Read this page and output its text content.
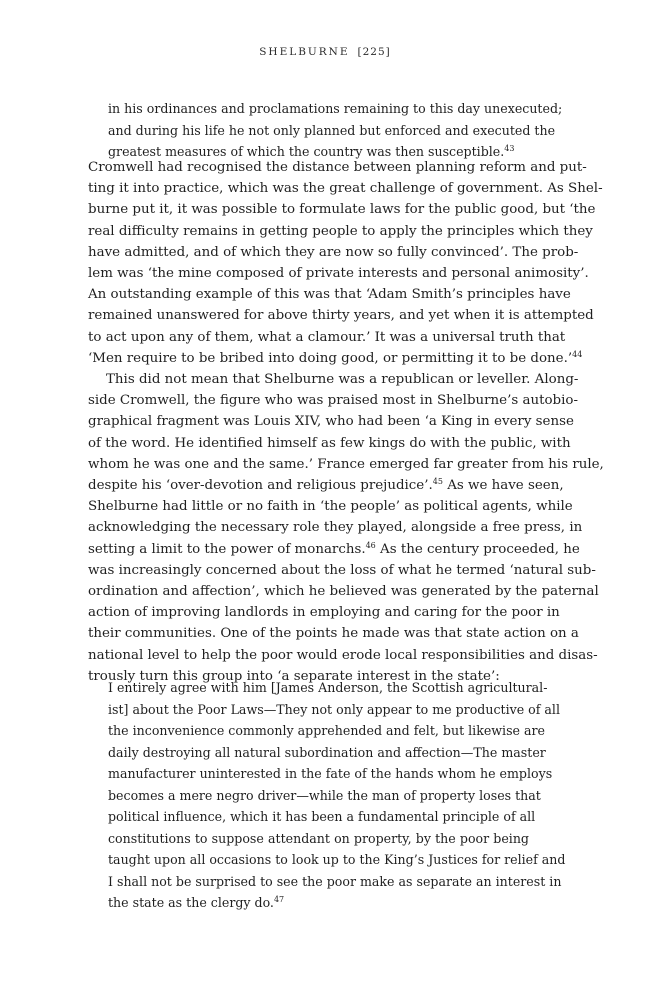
SHELBURNE [225]
in his ordinances and proclamations remaining to this day unexecuted;
and during his life he not only planned but enforced and executed the
greatest measures of which the country was then susceptible.$^{43}$
Cromwell had recognised the distance between planning reform and put-
ting it into practice, which was the great challenge of government. As Shel-
burne put it, it was possible to formulate laws for the public good, but ‘the
real difficulty remains in getting people to apply the principles which they
have admitted, and of which they are now so fully convinced’. The prob-
lem was ‘the mine composed of private interests and personal animosity’.
An outstanding example of this was that ‘Adam Smith’s principles have
remained unanswered for above thirty years, and yet when it is attempted
to act upon any of them, what a clamour.’ It was a universal truth that
‘Men require to be bribed into doing good, or permitting it to be done.’$^{44}$
This did not mean that Shelburne was a republican or leveller. Along-
side Cromwell, the figure who was praised most in Shelburne’s autobio-
graphical fragment was Louis XIV, who had been ‘a King in every sense
of the word. He identified himself as few kings do with the public, with
whom he was one and the same.’ France emerged far greater from his rule,
despite his ‘over-devotion and religious prejudice’.$^{45}$ As we have seen,
Shelburne had little or no faith in ‘the people’ as political agents, while
acknowledging the necessary role they played, alongside a free press, in
setting a limit to the power of monarchs.$^{46}$ As the century proceeded, he
was increasingly concerned about the loss of what he termed ‘natural sub-
ordination and affection’, which he believed was generated by the paternal
action of improving landlords in employing and caring for the poor in
their communities. One of the points he made was that state action on a
national level to help the poor would erode local responsibilities and disas-
trously turn this group into ‘a separate interest in the state’:
I entirely agree with him [James Anderson, the Scottish agricultural-
ist] about the Poor Laws—They not only appear to me productive of all
the inconvenience commonly apprehended and felt, but likewise are
daily destroying all natural subordination and affection—The master
manufacturer uninterested in the fate of the hands whom he employs
becomes a mere negro driver—while the man of property loses that
political influence, which it has been a fundamental principle of all
constitutions to suppose attendant on property, by the poor being
taught upon all occasions to look up to the King’s Justices for relief and
I shall not be surprised to see the poor make as separate an interest in
the state as the clergy do.$^{47}$
